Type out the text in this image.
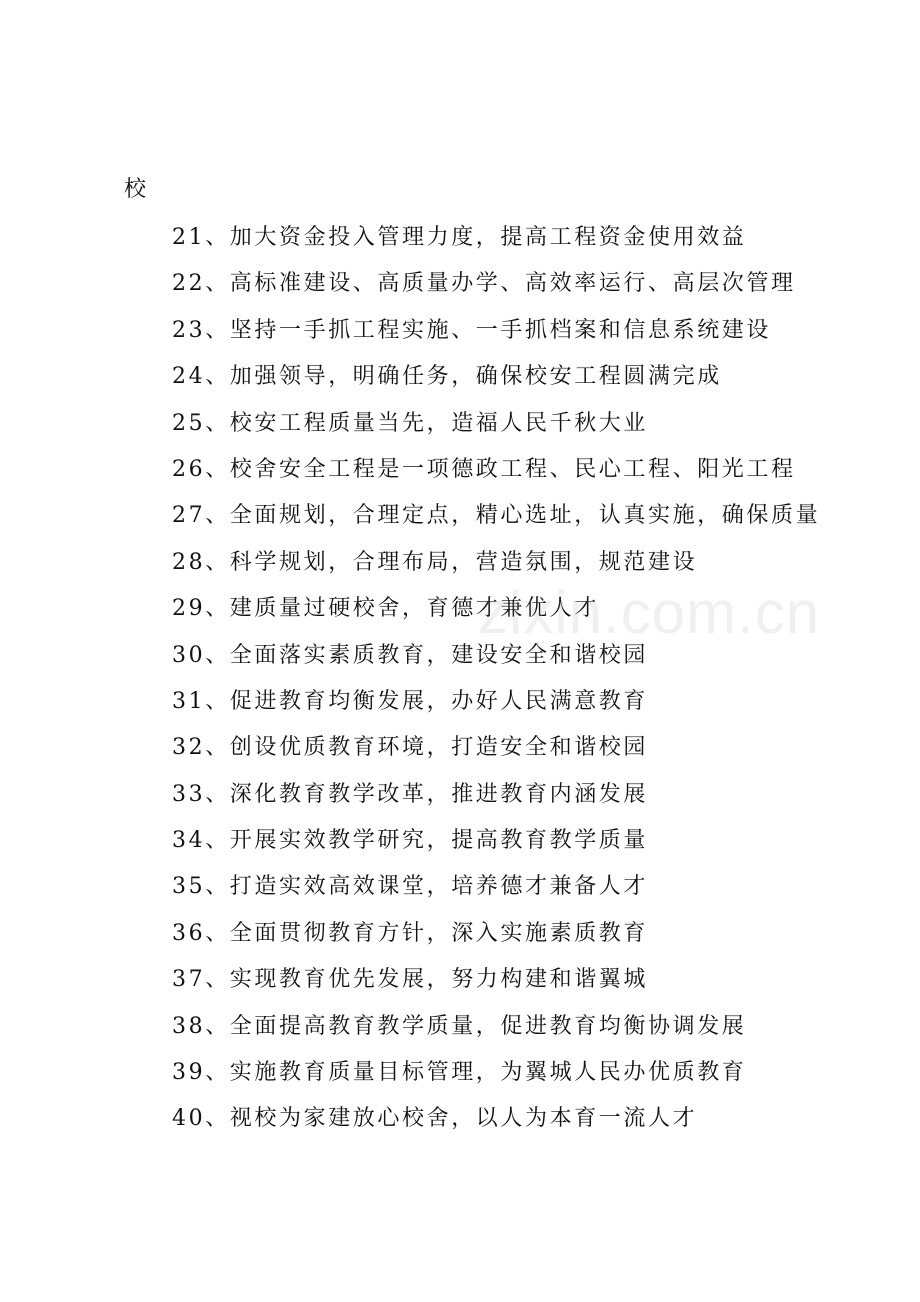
校
21、加大资金投入管理力度，提高工程资金使用效益
22、高标准建设、高质量办学、高效率运行、高层次管理
23、坚持一手抓工程实施、一手抓档案和信息系统建设
24、加强领导，明确任务，确保校安工程圆满完成
25、校安工程质量当先，造福人民千秋大业
26、校舍安全工程是一项德政工程、民心工程、阳光工程
27、全面规划，合理定点，精心选址，认真实施，确保质量
28、科学规划，合理布局，营造氛围，规范建设
29、建质量过硬校舍，育德才兼优人才
30、全面落实素质教育，建设安全和谐校园
31、促进教育均衡发展，办好人民满意教育
32、创设优质教育环境，打造安全和谐校园
33、深化教育教学改革，推进教育内涵发展
34、开展实效教学研究，提高教育教学质量
35、打造实效高效课堂，培养德才兼备人才
36、全面贯彻教育方针，深入实施素质教育
37、实现教育优先发展，努力构建和谐翼城
38、全面提高教育教学质量，促进教育均衡协调发展
39、实施教育质量目标管理，为翼城人民办优质教育
40、视校为家建放心校舍，以人为本育一流人才
zixin.com.cn
